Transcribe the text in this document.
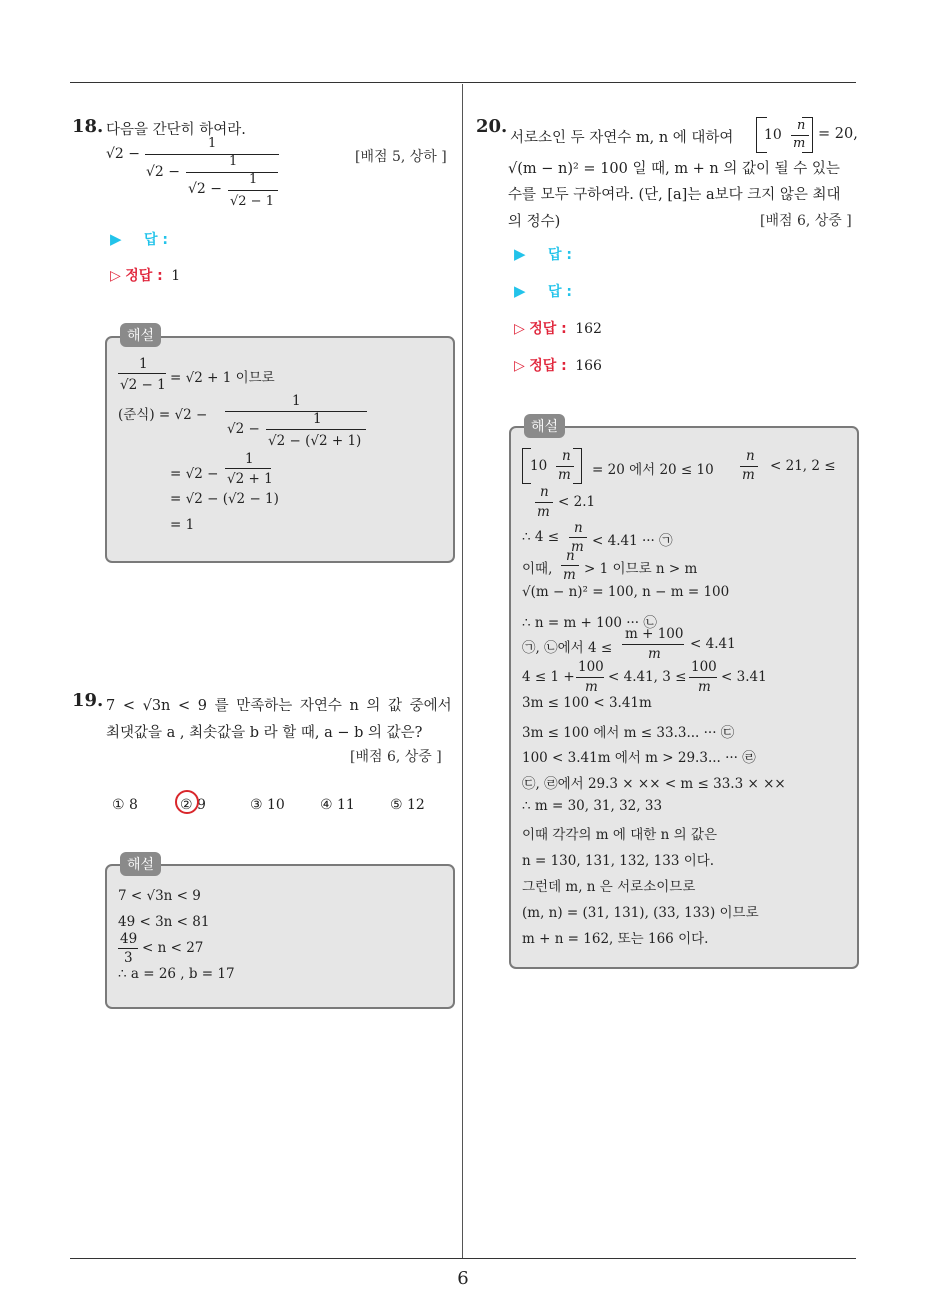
18. 다음을 간단히 하여라.
[배점 5, 상하 ]
√2 −
1
√2 −
1
√2 −
1
√2 − 1
▶ 답 :
▷ 정답 : 1
해설
1
√2 − 1 = √2 + 1 이므로
(준식) = √2 −
1
√2 −
1
√2 − (√2 + 1)
= √2 −
1
√2 + 1
= √2 − (√2 − 1)
= 1
19. 7 < √3n < 9 를 만족하는 자연수 n 의 값 중에서
최댓값을 a , 최솟값을 b 라 할 때, a − b 의 값은?
[배점 6, 상중 ]
① 8	② 9	③ 10	④ 11	⑤ 12
해설
7 < √3n < 9
49 < 3n < 81
49
3
< n < 27
∴ a = 26 , b = 17
20.
서로소인 두 자연수 m, n 에 대하여 10
n
m
= 20,
√(m − n)² = 100 일 때, m + n 의 값이 될 수 있는
수를 모두 구하여라. (단, [a]는 a보다 크지 않은 최대
의 정수)	[배점 6, 상중 ]
▶ 답 :
▶ 답 :
▷ 정답 : 162
▷ 정답 : 166
해설
10
n
m = 20 에서 20 ≤ 10
n
m
< 21, 2 ≤
n
m
< 2.1
∴ 4 ≤
n
m < 4.41 ··· ㉠
이때,
n
m > 1 이므로 n > m
√(m − n)² = 100, n − m = 100
∴ n = m + 100 ··· ㉡
㉠, ㉡에서 4 ≤
m + 100
m
< 4.41
4 ≤ 1 +
100
m
< 4.41, 3 ≤
100
m
< 3.41
3m ≤ 100 < 3.41m
3m ≤ 100 에서 m ≤ 33.3... ··· ㉢
100 < 3.41m 에서 m > 29.3... ··· ㉣
㉢, ㉣에서 29.3 × ×× < m ≤ 33.3 × ××
∴ m = 30, 31, 32, 33
이때 각각의 m 에 대한 n 의 값은
n = 130, 131, 132, 133 이다.
그런데 m, n 은 서로소이므로
(m, n) = (31, 131), (33, 133) 이므로
m + n = 162, 또는 166 이다.
6
